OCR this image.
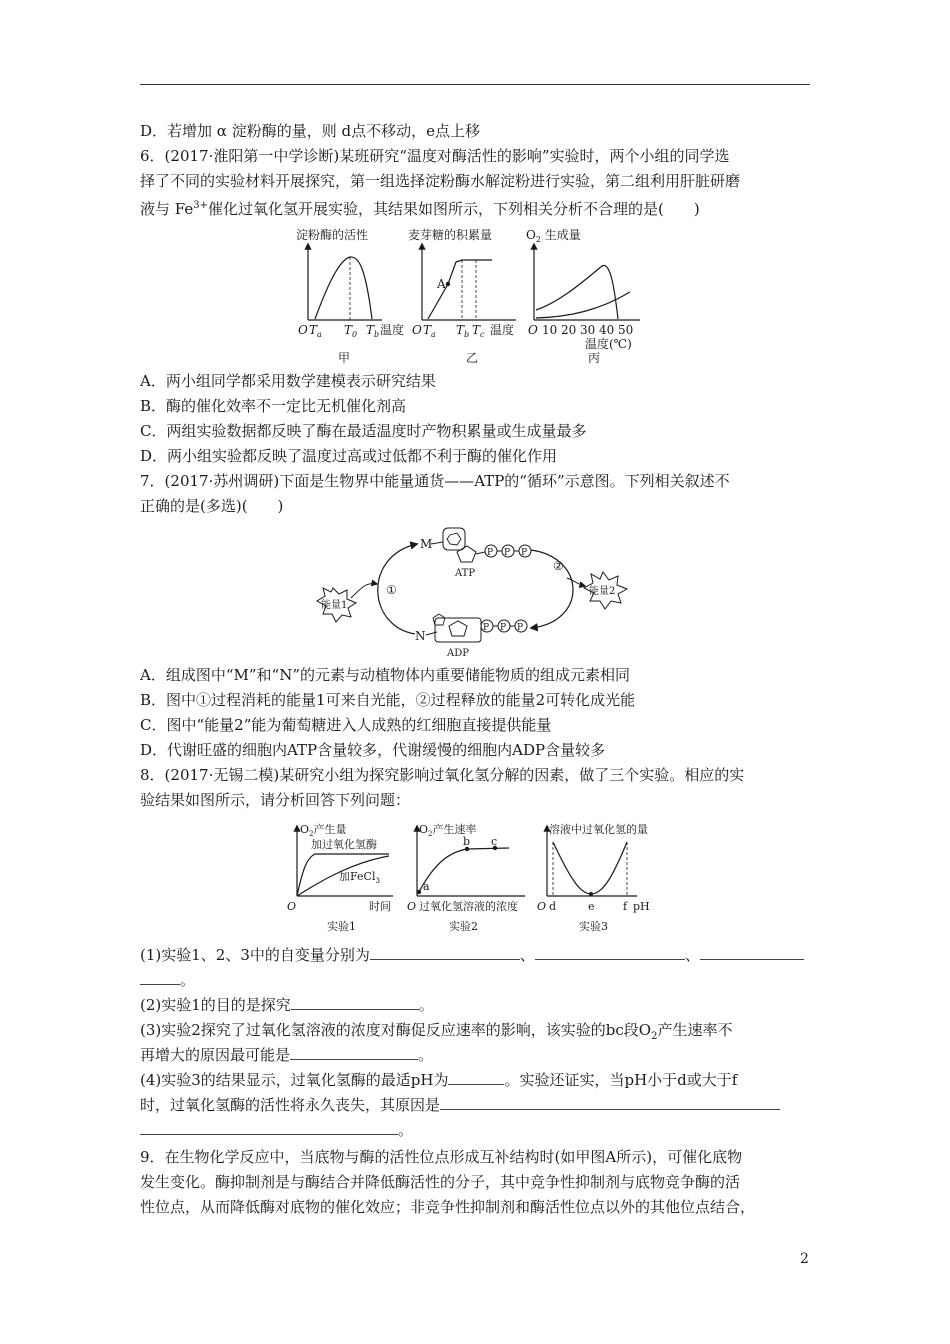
D．若增加 α 淀粉酶的量，则 d点不移动，e点上移
6．(2017·淮阳第一中学诊断)某班研究“温度对酶活性的影响”实验时，两个小组的同学选
择了不同的实验材料开展探究，第一组选择淀粉酶水解淀粉进行实验，第二组利用肝脏研磨
液与 $Fe^{3+}$催化过氧化氢开展实验，其结果如图所示，下列相关分析不合理的是(　　)
淀粉酶的活性
O $T_a$ $T_0$ $T_b$ 温度
甲
麦芽糖的积累量
A
O $T_a$ $T_b$ $T_c$ 温度
乙
$O_2$ 生成量
O 10 20 30 40 50
温度(℃)
丙
A．两小组同学都采用数学建模表示研究结果
B．酶的催化效率不一定比无机催化剂高
C．两组实验数据都反映了酶在最适温度时产物积累量或生成量最多
D．两小组实验都反映了温度过高或过低都不利于酶的催化作用
7．(2017·苏州调研)下面是生物界中能量通货——ATP的“循环”示意图。下列相关叙述不
正确的是(多选)(　　)
M
P P P
ATP
N
P P P
ADP
①
②
能量1
能量2
A．组成图中“M”和“N”的元素与动植物体内重要储能物质的组成元素相同
B．图中①过程消耗的能量1可来自光能，②过程释放的能量2可转化成光能
C．图中“能量2”能为葡萄糖进入人成熟的红细胞直接提供能量
D．代谢旺盛的细胞内ATP含量较多，代谢缓慢的细胞内ADP含量较多
8．(2017·无锡二模)某研究小组为探究影响过氧化氢分解的因素，做了三个实验。相应的实
验结果如图所示，请分析回答下列问题：
$O_2$产生量
加过氧化氢酶
加FeCl$_3$
O	时间
实验1
$O_2$产生速率
a
b c
O 过氧化氢溶液的浓度
实验2
溶液中过氧化氢的量
O d	e	f pH
实验3
(1)实验1、2、3中的自变量分别为	、	、
。
(2)实验1的目的是探究	。
(3)实验2探究了过氧化氢溶液的浓度对酶促反应速率的影响，该实验的bc段$O_2$产生速率不
再增大的原因最可能是	。
(4)实验3的结果显示，过氧化氢酶的最适pH为	。实验还证实，当pH小于d或大于f
时，过氧化氢酶的活性将永久丧失，其原因是
。
9．在生物化学反应中，当底物与酶的活性位点形成互补结构时(如甲图A所示)，可催化底物
发生变化。酶抑制剂是与酶结合并降低酶活性的分子，其中竞争性抑制剂与底物竞争酶的活
性位点，从而降低酶对底物的催化效应；非竞争性抑制剂和酶活性位点以外的其他位点结合，
2
